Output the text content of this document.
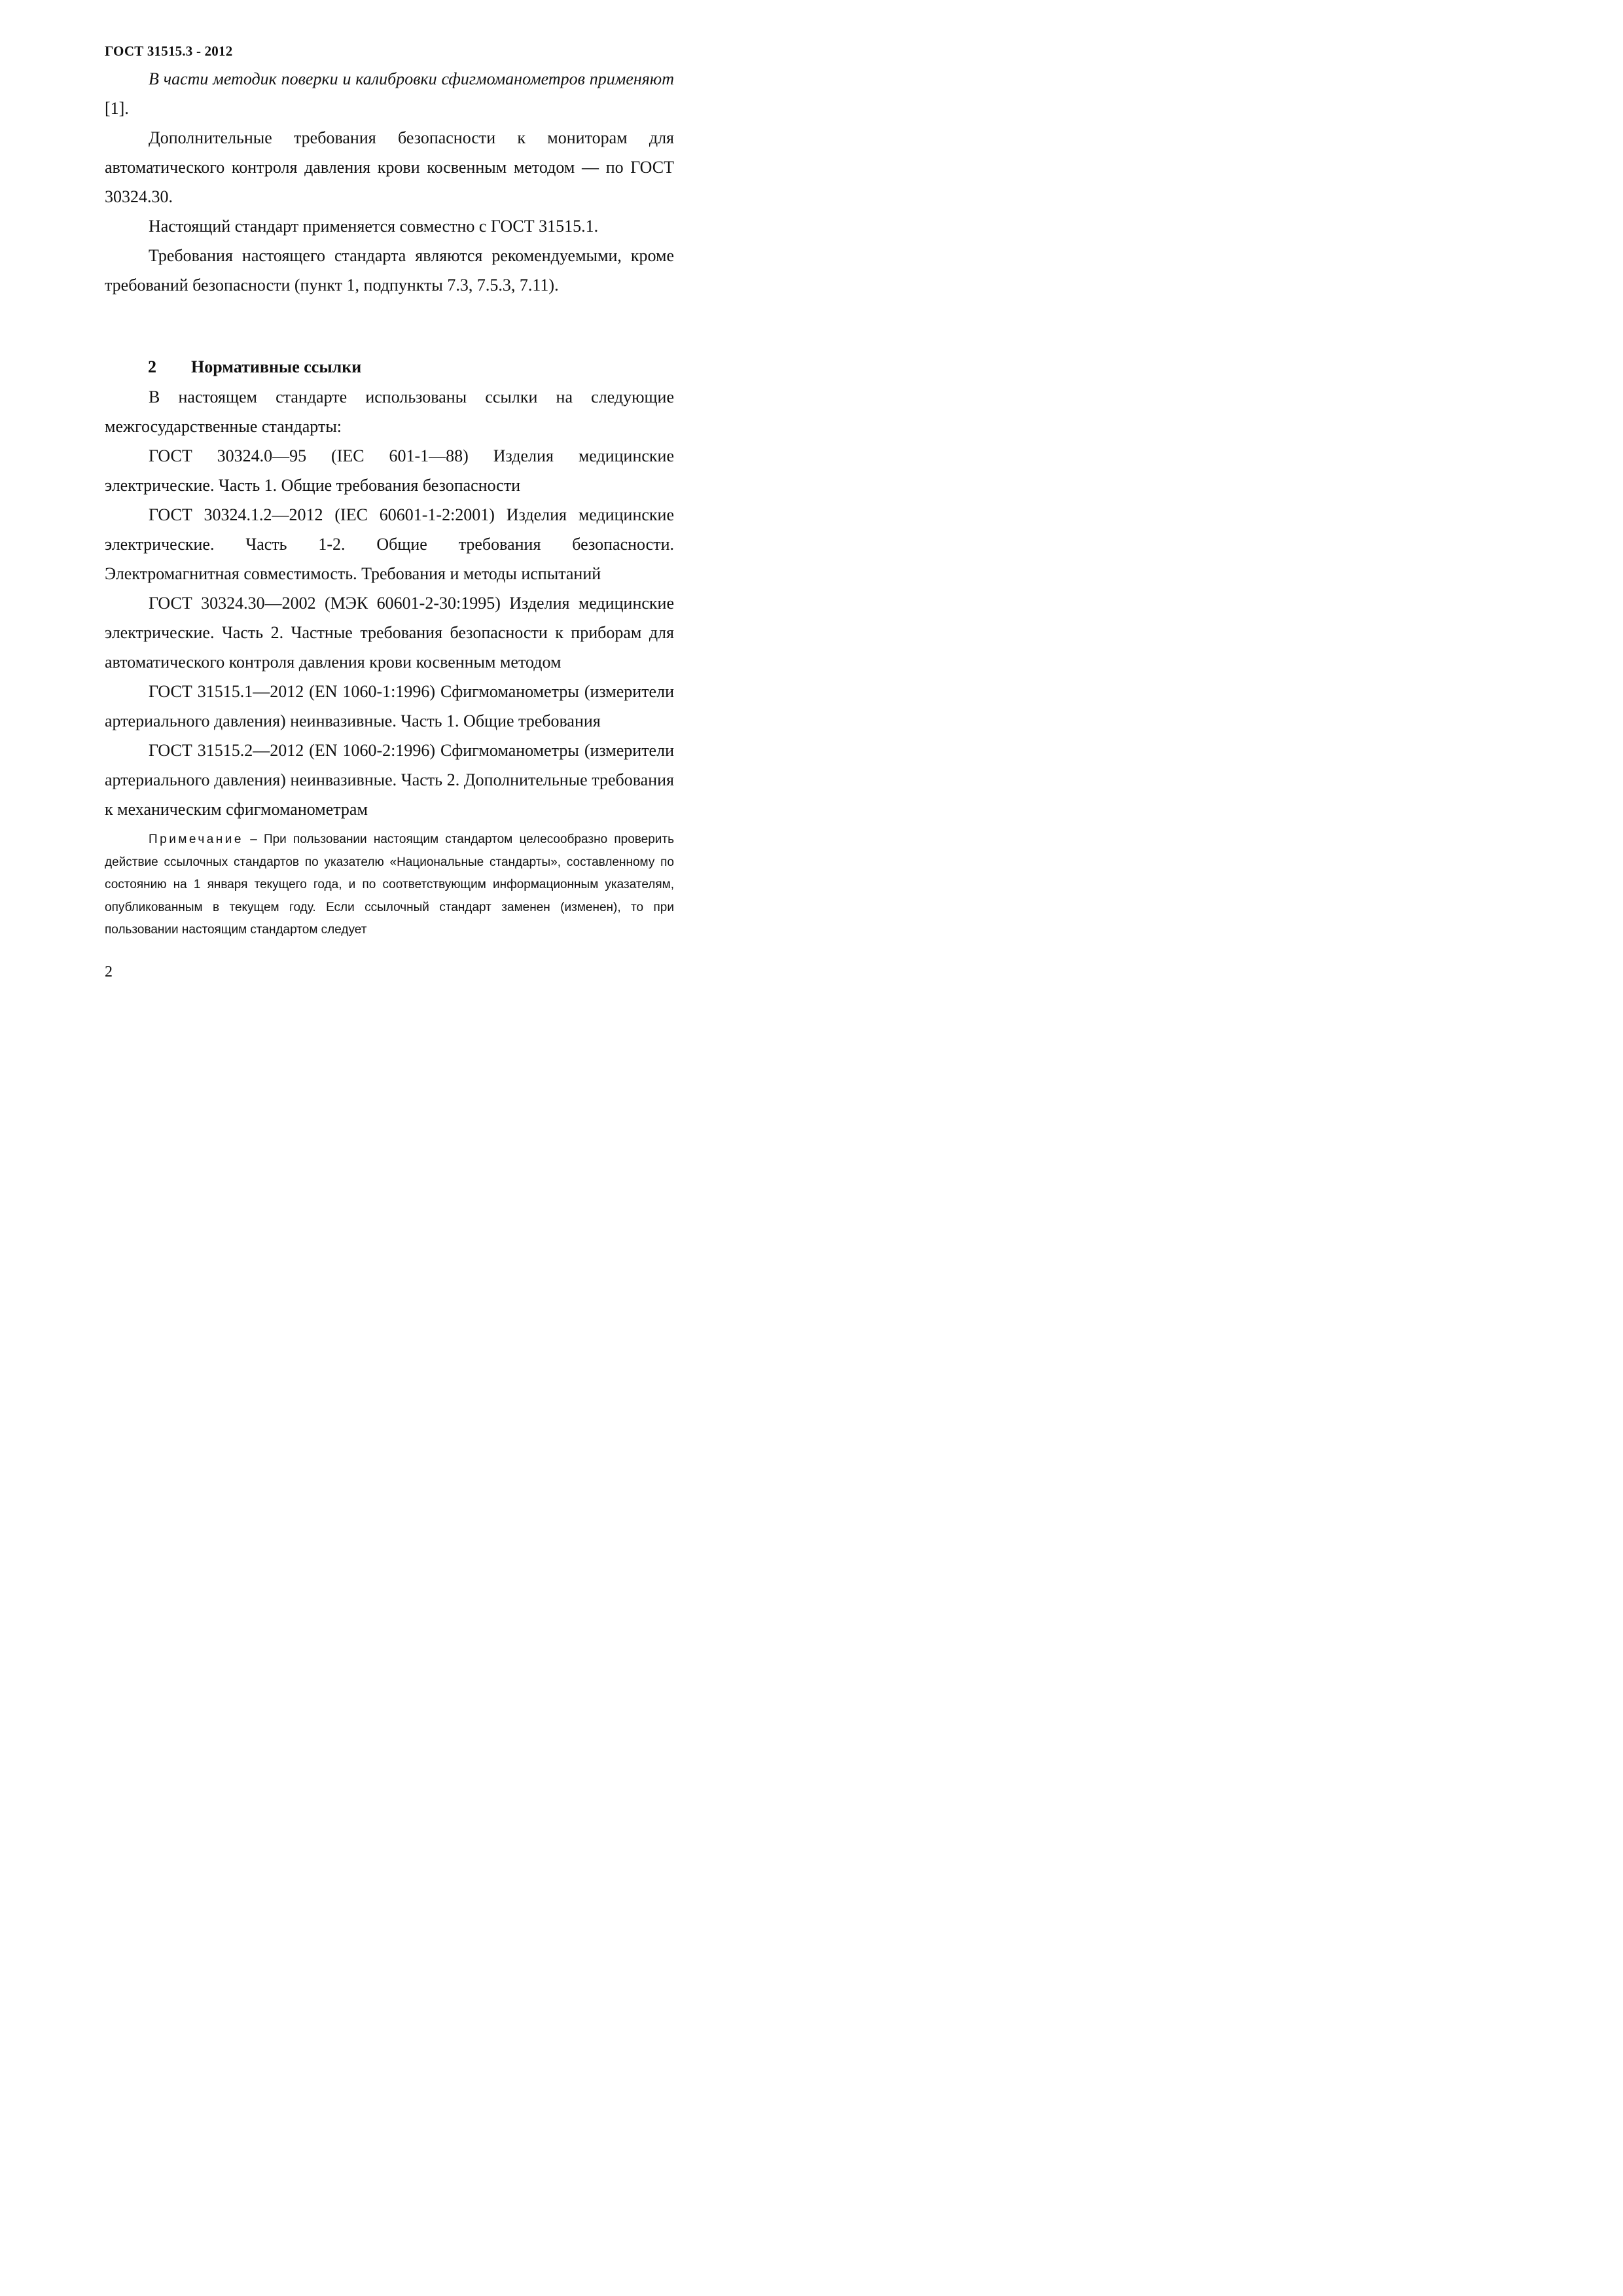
ГОСТ 31515.3 - 2012

В части методик поверки и калибровки сфигмоманометров применяют [1].

Дополнительные требования безопасности к мониторам для автоматического контроля давления крови косвенным методом — по ГОСТ 30324.30.

Настоящий стандарт применяется совместно с ГОСТ 31515.1.

Требования настоящего стандарта являются рекомендуемыми, кроме требований безопасности (пункт 1, подпункты 7.3, 7.5.3, 7.11).

2 Нормативные ссылки

В настоящем стандарте использованы ссылки на следующие межгосударственные стандарты:

ГОСТ 30324.0—95 (IEC 601-1—88) Изделия медицинские электрические. Часть 1. Общие требования безопасности

ГОСТ 30324.1.2—2012 (IEC 60601-1-2:2001) Изделия медицинские электрические. Часть 1-2. Общие требования безопасности. Электромагнитная совместимость. Требования и методы испытаний

ГОСТ 30324.30—2002 (МЭК 60601-2-30:1995) Изделия медицинские электрические. Часть 2. Частные требования безопасности к приборам для автоматического контроля давления крови косвенным методом

ГОСТ 31515.1—2012 (EN 1060-1:1996) Сфигмоманометры (измерители артериального давления) неинвазивные. Часть 1. Общие требования

ГОСТ 31515.2—2012 (EN 1060-2:1996) Сфигмоманометры (измерители артериального давления) неинвазивные. Часть 2. Дополнительные требования к механическим сфигмоманометрам

Примечание – При пользовании настоящим стандартом целесообразно проверить действие ссылочных стандартов по указателю «Национальные стандарты», составленному по состоянию на 1 января текущего года, и по соответствующим информационным указателям, опубликованным в текущем году. Если ссылочный стандарт заменен (изменен), то при пользовании настоящим стандартом следует
2
